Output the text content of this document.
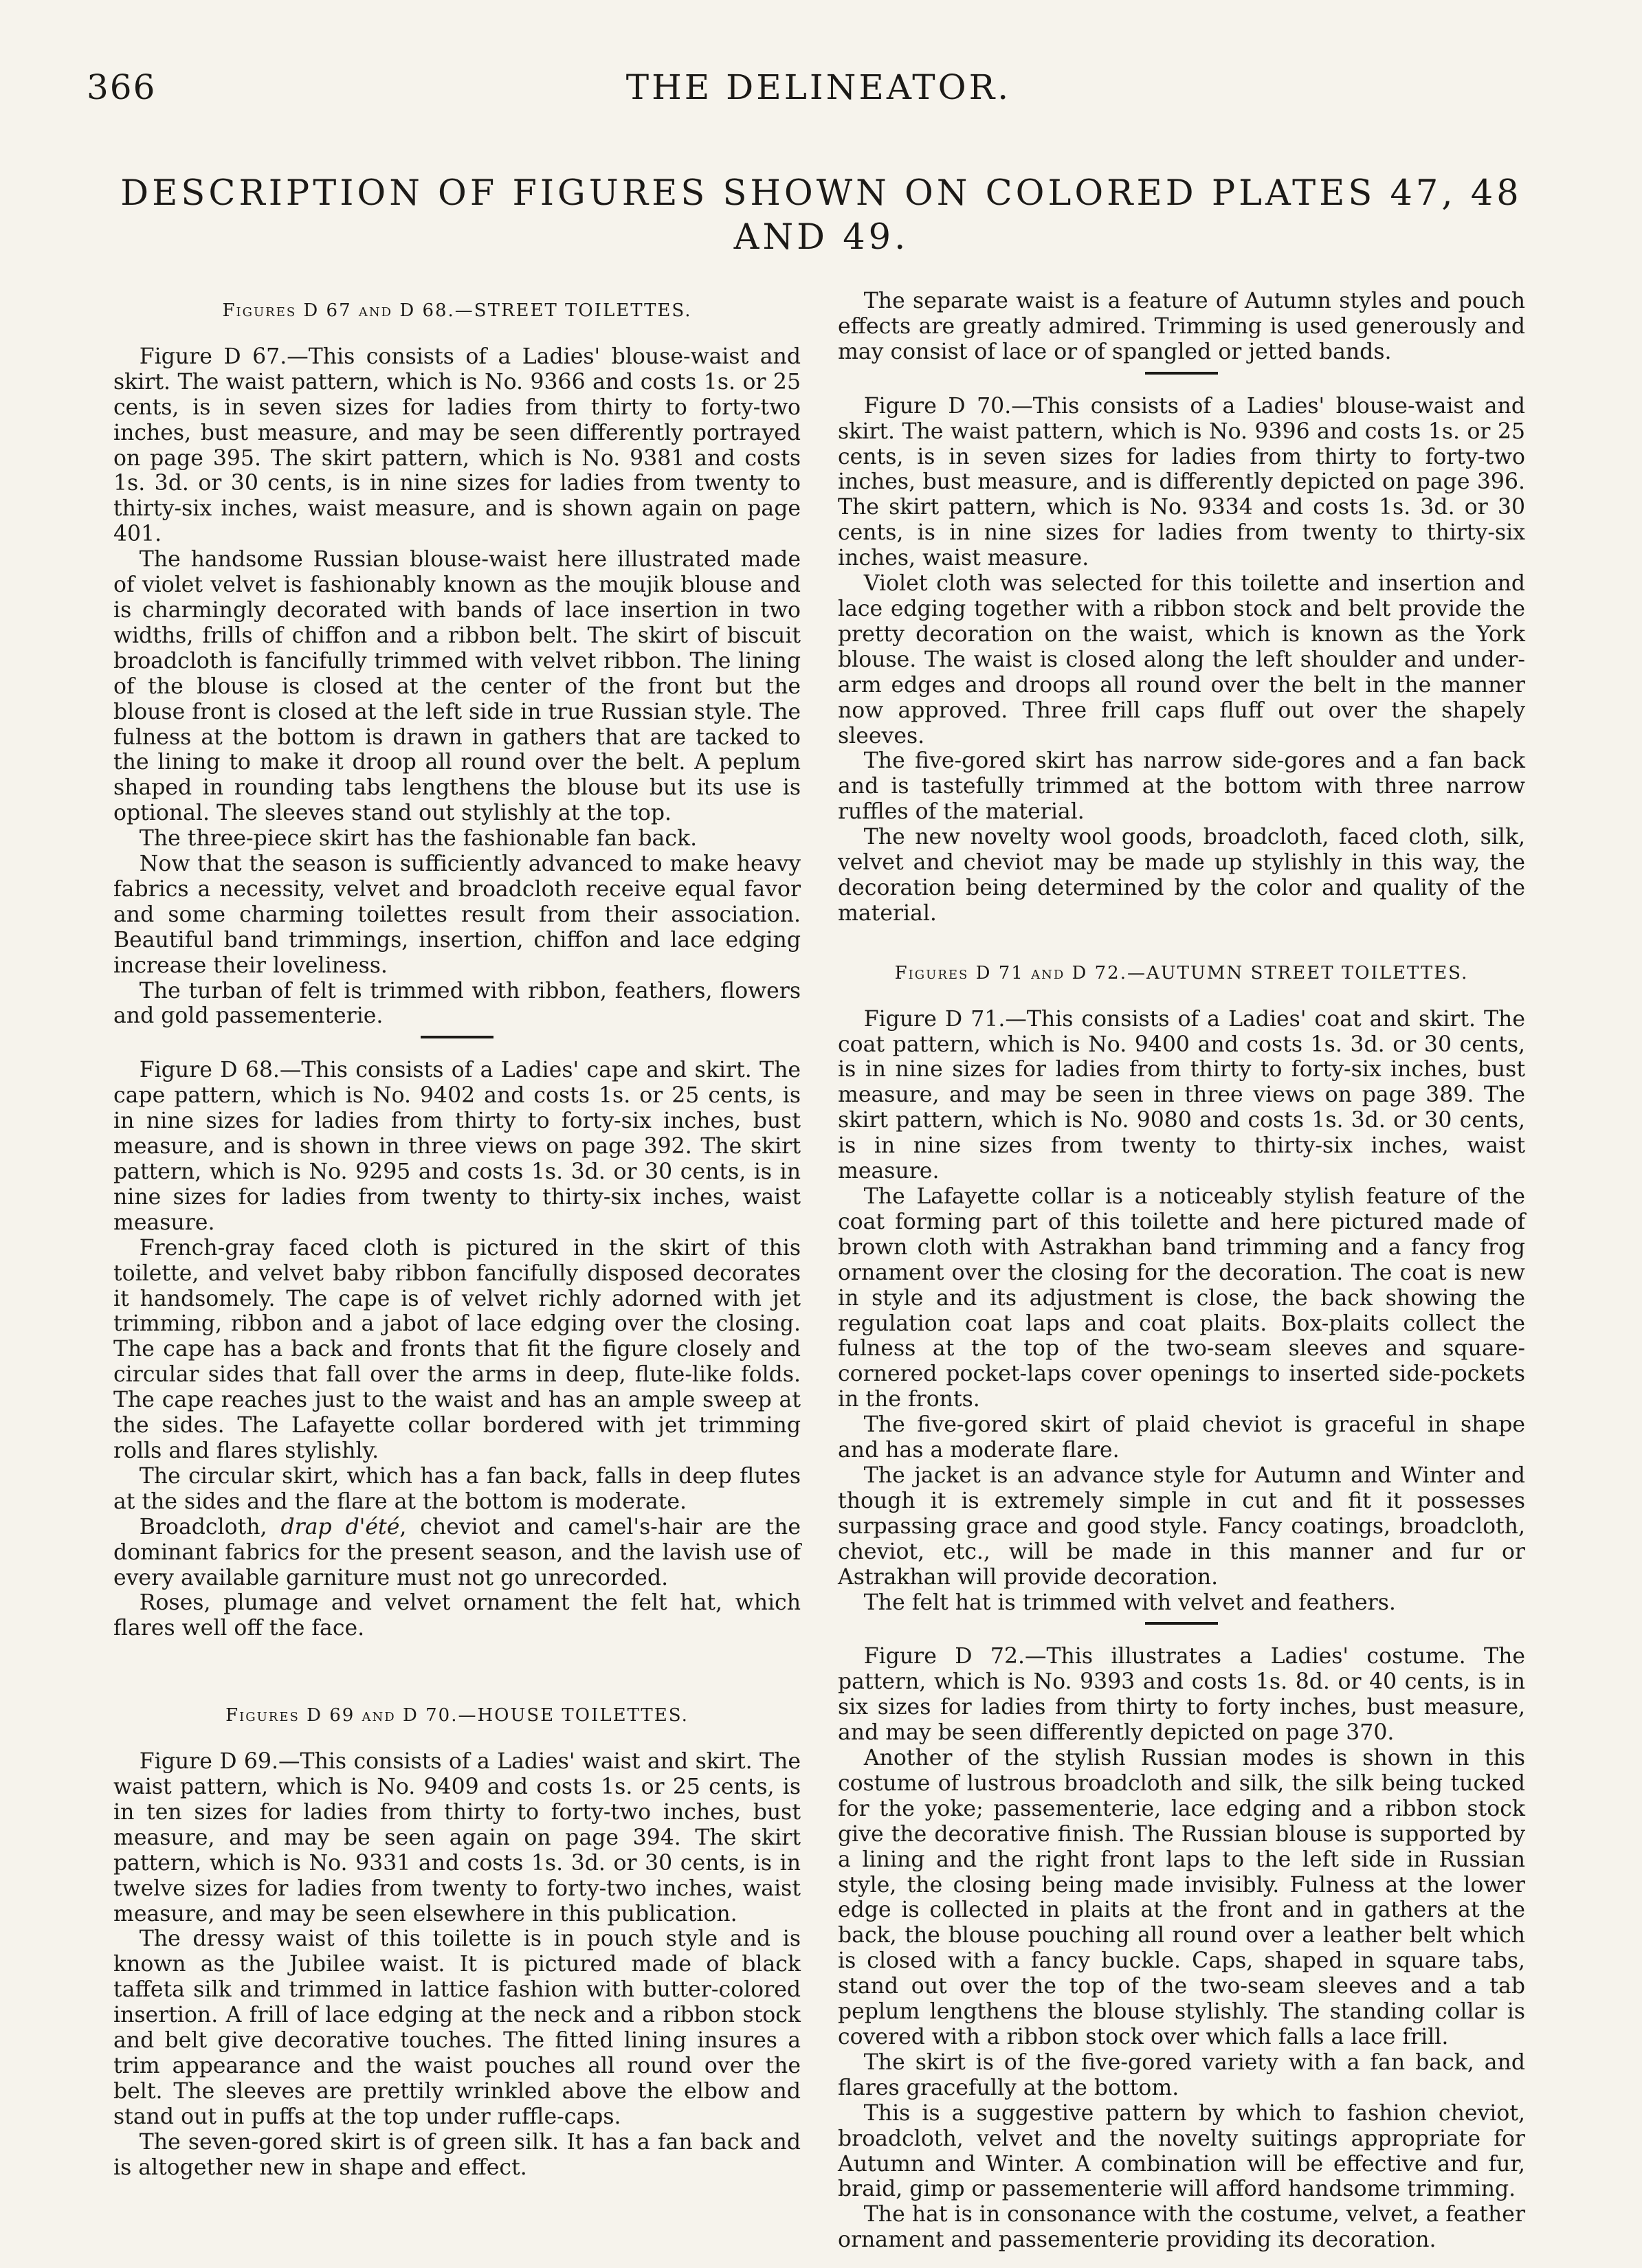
366	THE DELINEATOR.
DESCRIPTION OF FIGURES SHOWN ON COLORED PLATES 47, 48 AND 49.
Figures D 67 and D 68.—STREET TOILETTES.

Figure D 67.—This consists of a Ladies' blouse-waist and skirt. The waist pattern, which is No. 9366 and costs 1s. or 25 cents, is in seven sizes for ladies from thirty to forty-two inches, bust measure, and may be seen differently portrayed on page 395. The skirt pattern, which is No. 9381 and costs 1s. 3d. or 30 cents, is in nine sizes for ladies from twenty to thirty-six inches, waist measure, and is shown again on page 401.

The handsome Russian blouse-waist here illustrated made of violet velvet is fashionably known as the moujik blouse and is charmingly decorated with bands of lace insertion in two widths, frills of chiffon and a ribbon belt. The skirt of biscuit broadcloth is fancifully trimmed with velvet ribbon. The lining of the blouse is closed at the center of the front but the blouse front is closed at the left side in true Russian style. The fulness at the bottom is drawn in gathers that are tacked to the lining to make it droop all round over the belt. A peplum shaped in rounding tabs lengthens the blouse but its use is optional. The sleeves stand out stylishly at the top.

The three-piece skirt has the fashionable fan back.

Now that the season is sufficiently advanced to make heavy fabrics a necessity, velvet and broadcloth receive equal favor and some charming toilettes result from their association. Beautiful band trimmings, insertion, chiffon and lace edging increase their loveliness.

The turban of felt is trimmed with ribbon, feathers, flowers and gold passementerie.

Figure D 68.—This consists of a Ladies' cape and skirt. The cape pattern, which is No. 9402 and costs 1s. or 25 cents, is in nine sizes for ladies from thirty to forty-six inches, bust measure, and is shown in three views on page 392. The skirt pattern, which is No. 9295 and costs 1s. 3d. or 30 cents, is in nine sizes for ladies from twenty to thirty-six inches, waist measure.

French-gray faced cloth is pictured in the skirt of this toilette, and velvet baby ribbon fancifully disposed decorates it handsomely. The cape is of velvet richly adorned with jet trimming, ribbon and a jabot of lace edging over the closing. The cape has a back and fronts that fit the figure closely and circular sides that fall over the arms in deep, flute-like folds. The cape reaches just to the waist and has an ample sweep at the sides. The Lafayette collar bordered with jet trimming rolls and flares stylishly.

The circular skirt, which has a fan back, falls in deep flutes at the sides and the flare at the bottom is moderate.

Broadcloth, drap d'été, cheviot and camel's-hair are the dominant fabrics for the present season, and the lavish use of every available garniture must not go unrecorded.

Roses, plumage and velvet ornament the felt hat, which flares well off the face.

Figures D 69 and D 70.—HOUSE TOILETTES.

Figure D 69.—This consists of a Ladies' waist and skirt. The waist pattern, which is No. 9409 and costs 1s. or 25 cents, is in ten sizes for ladies from thirty to forty-two inches, bust measure, and may be seen again on page 394. The skirt pattern, which is No. 9331 and costs 1s. 3d. or 30 cents, is in twelve sizes for ladies from twenty to forty-two inches, waist measure, and may be seen elsewhere in this publication.

The dressy waist of this toilette is in pouch style and is known as the Jubilee waist. It is pictured made of black taffeta silk and trimmed in lattice fashion with butter-colored insertion. A frill of lace edging at the neck and a ribbon stock and belt give decorative touches. The fitted lining insures a trim appearance and the waist pouches all round over the belt. The sleeves are prettily wrinkled above the elbow and stand out in puffs at the top under ruffle-caps.

The seven-gored skirt is of green silk. It has a fan back and is altogether new in shape and effect.

The separate waist is a feature of Autumn styles and pouch effects are greatly admired. Trimming is used generously and may consist of lace or of spangled or jetted bands.

Figure D 70.—This consists of a Ladies' blouse-waist and skirt. The waist pattern, which is No. 9396 and costs 1s. or 25 cents, is in seven sizes for ladies from thirty to forty-two inches, bust measure, and is differently depicted on page 396. The skirt pattern, which is No. 9334 and costs 1s. 3d. or 30 cents, is in nine sizes for ladies from twenty to thirty-six inches, waist measure.

Violet cloth was selected for this toilette and insertion and lace edging together with a ribbon stock and belt provide the pretty decoration on the waist, which is known as the York blouse. The waist is closed along the left shoulder and under-arm edges and droops all round over the belt in the manner now approved. Three frill caps fluff out over the shapely sleeves.

The five-gored skirt has narrow side-gores and a fan back and is tastefully trimmed at the bottom with three narrow ruffles of the material.

The new novelty wool goods, broadcloth, faced cloth, silk, velvet and cheviot may be made up stylishly in this way, the decoration being determined by the color and quality of the material.

Figures D 71 and D 72.—AUTUMN STREET TOILETTES.

Figure D 71.—This consists of a Ladies' coat and skirt. The coat pattern, which is No. 9400 and costs 1s. 3d. or 30 cents, is in nine sizes for ladies from thirty to forty-six inches, bust measure, and may be seen in three views on page 389. The skirt pattern, which is No. 9080 and costs 1s. 3d. or 30 cents, is in nine sizes from twenty to thirty-six inches, waist measure.

The Lafayette collar is a noticeably stylish feature of the coat forming part of this toilette and here pictured made of brown cloth with Astrakhan band trimming and a fancy frog ornament over the closing for the decoration. The coat is new in style and its adjustment is close, the back showing the regulation coat laps and coat plaits. Box-plaits collect the fulness at the top of the two-seam sleeves and square-cornered pocket-laps cover openings to inserted side-pockets in the fronts.

The five-gored skirt of plaid cheviot is graceful in shape and has a moderate flare.

The jacket is an advance style for Autumn and Winter and though it is extremely simple in cut and fit it possesses surpassing grace and good style. Fancy coatings, broadcloth, cheviot, etc., will be made in this manner and fur or Astrakhan will provide decoration.

The felt hat is trimmed with velvet and feathers.

Figure D 72.—This illustrates a Ladies' costume. The pattern, which is No. 9393 and costs 1s. 8d. or 40 cents, is in six sizes for ladies from thirty to forty inches, bust measure, and may be seen differently depicted on page 370.

Another of the stylish Russian modes is shown in this costume of lustrous broadcloth and silk, the silk being tucked for the yoke; passementerie, lace edging and a ribbon stock give the decorative finish. The Russian blouse is supported by a lining and the right front laps to the left side in Russian style, the closing being made invisibly. Fulness at the lower edge is collected in plaits at the front and in gathers at the back, the blouse pouching all round over a leather belt which is closed with a fancy buckle. Caps, shaped in square tabs, stand out over the top of the two-seam sleeves and a tab peplum lengthens the blouse stylishly. The standing collar is covered with a ribbon stock over which falls a lace frill.

The skirt is of the five-gored variety with a fan back, and flares gracefully at the bottom.

This is a suggestive pattern by which to fashion cheviot, broadcloth, velvet and the novelty suitings appropriate for Autumn and Winter. A combination will be effective and fur, braid, gimp or passementerie will afford handsome trimming.

The hat is in consonance with the costume, velvet, a feather ornament and passementerie providing its decoration.
